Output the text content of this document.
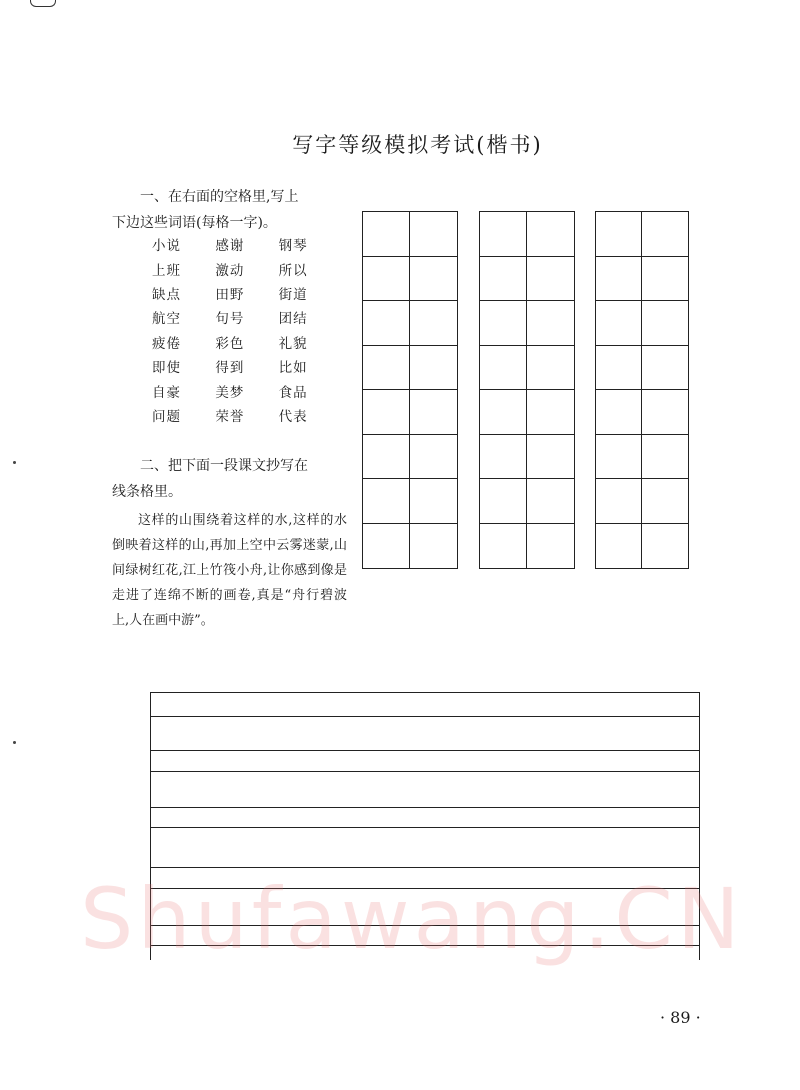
写字等级模拟考试(楷书)
一、在右面的空格里,写上
下边这些词语(每格一字)。
小说	感谢	钢琴
上班	激动	所以
缺点	田野	街道
航空	句号	团结
疲倦	彩色	礼貌
即使	得到	比如
自豪	美梦	食品
问题	荣誉	代表
二、把下面一段课文抄写在
线条格里。
这样的山围绕着这样的水,这样的水倒映着这样的山,再加上空中云雾迷蒙,山间绿树红花,江上竹筏小舟,让你感到像是走进了连绵不断的画卷,真是“舟行碧波上,人在画中游”。
Shufawang.CN
· 89 ·
